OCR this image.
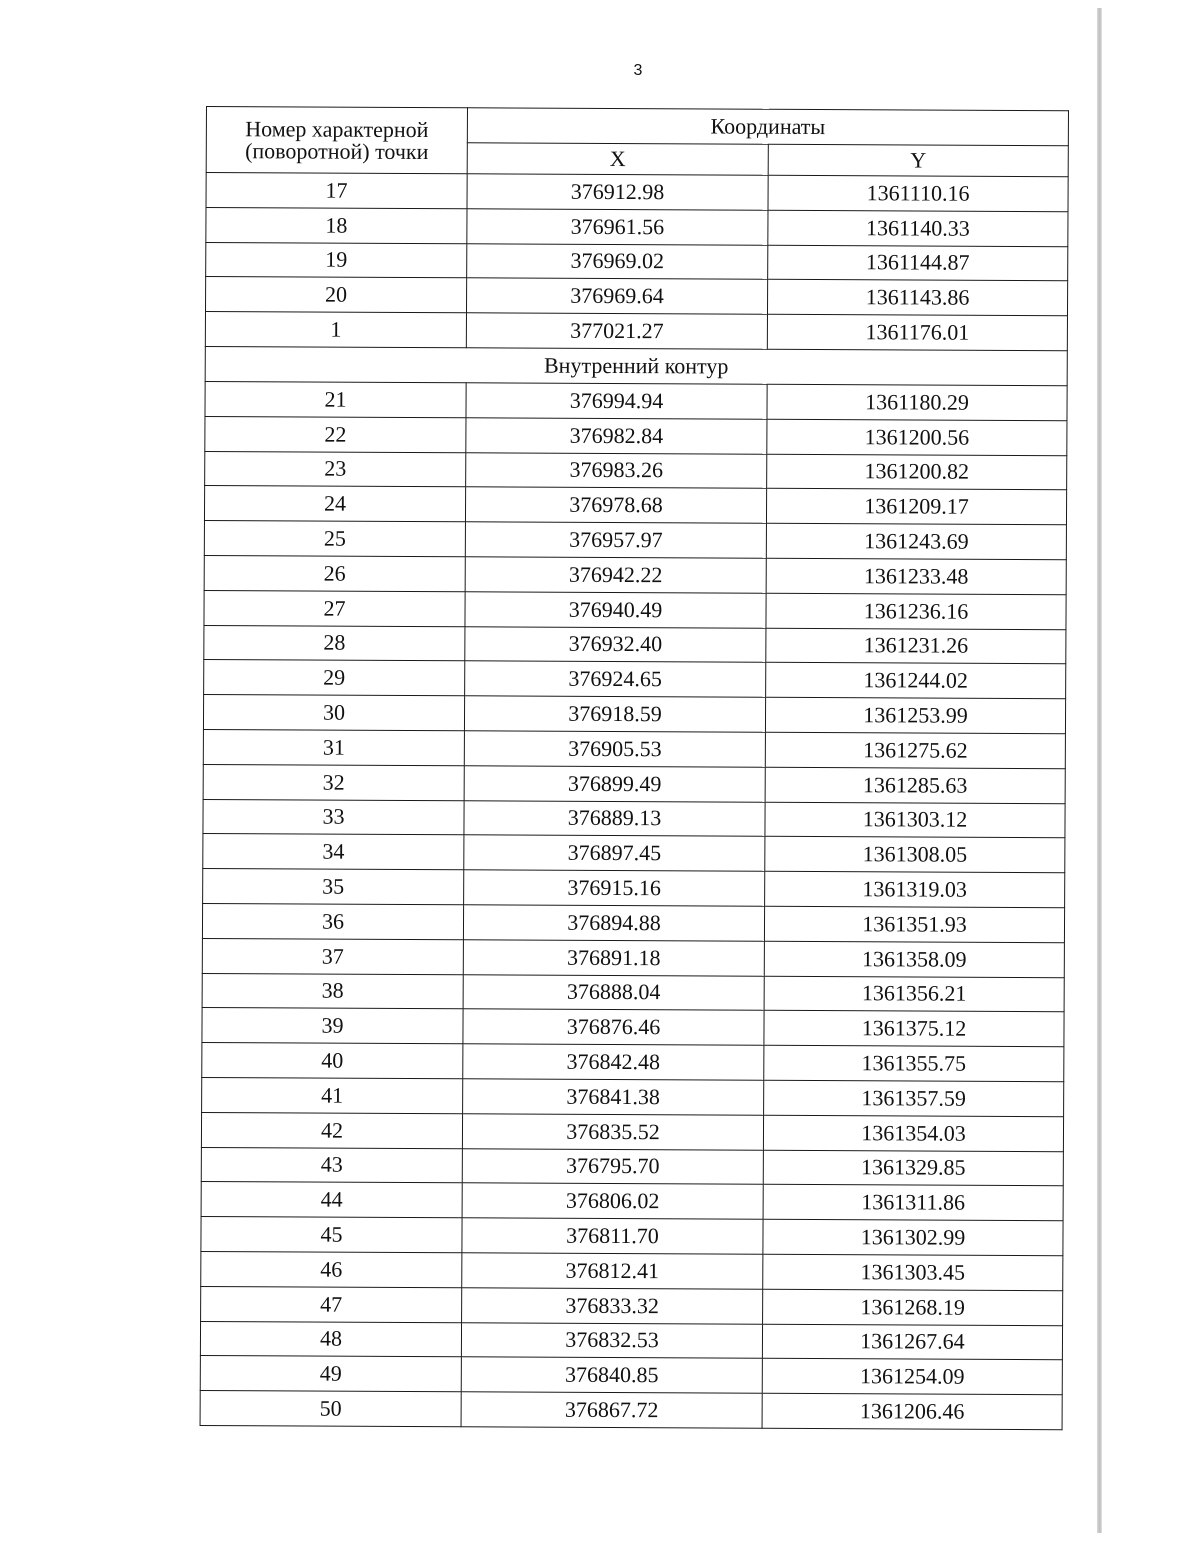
3
Номер характерной (поворотной) точки	Координаты	
	X	Y
17	376912.98	1361110.16
18	376961.56	1361140.33
19	376969.02	1361144.87
20	376969.64	1361143.86
1	377021.27	1361176.01
Внутренний контур		
21	376994.94	1361180.29
22	376982.84	1361200.56
23	376983.26	1361200.82
24	376978.68	1361209.17
25	376957.97	1361243.69
26	376942.22	1361233.48
27	376940.49	1361236.16
28	376932.40	1361231.26
29	376924.65	1361244.02
30	376918.59	1361253.99
31	376905.53	1361275.62
32	376899.49	1361285.63
33	376889.13	1361303.12
34	376897.45	1361308.05
35	376915.16	1361319.03
36	376894.88	1361351.93
37	376891.18	1361358.09
38	376888.04	1361356.21
39	376876.46	1361375.12
40	376842.48	1361355.75
41	376841.38	1361357.59
42	376835.52	1361354.03
43	376795.70	1361329.85
44	376806.02	1361311.86
45	376811.70	1361302.99
46	376812.41	1361303.45
47	376833.32	1361268.19
48	376832.53	1361267.64
49	376840.85	1361254.09
50	376867.72	1361206.46
